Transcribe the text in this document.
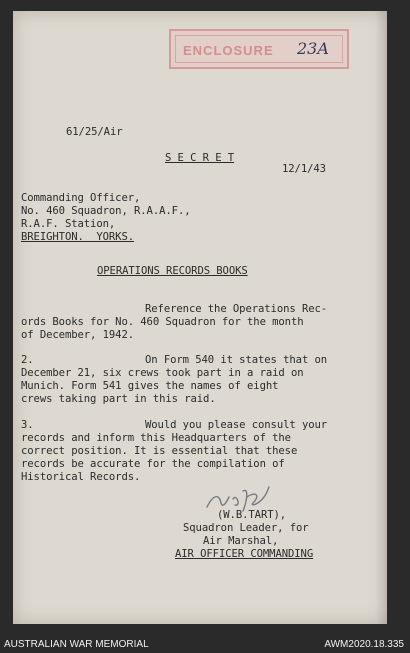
ENCLOSURE 23A
61/25/Air
S E C R E T
12/1/43
Commanding Officer,
No. 460 Squadron, R.A.A.F.,
R.A.F. Station,
BREIGHTON.  YORKS.
OPERATIONS RECORDS BOOKS
Reference the Operations Rec-
ords Books for No. 460 Squadron for the month
of December, 1942.
2.	On Form 540 it states that on
December 21, six crews took part in a raid on
Munich. Form 541 gives the names of eight
crews taking part in this raid.
3.	Would you please consult your
records and inform this Headquarters of the
correct position. It is essential that these
records be accurate for the compilation of
Historical Records.
(W.B.TART),
Squadron Leader, for
Air Marshal,
AIR OFFICER COMMANDING
AUSTRALIAN WAR MEMORIAL	AWM2020.18.335
